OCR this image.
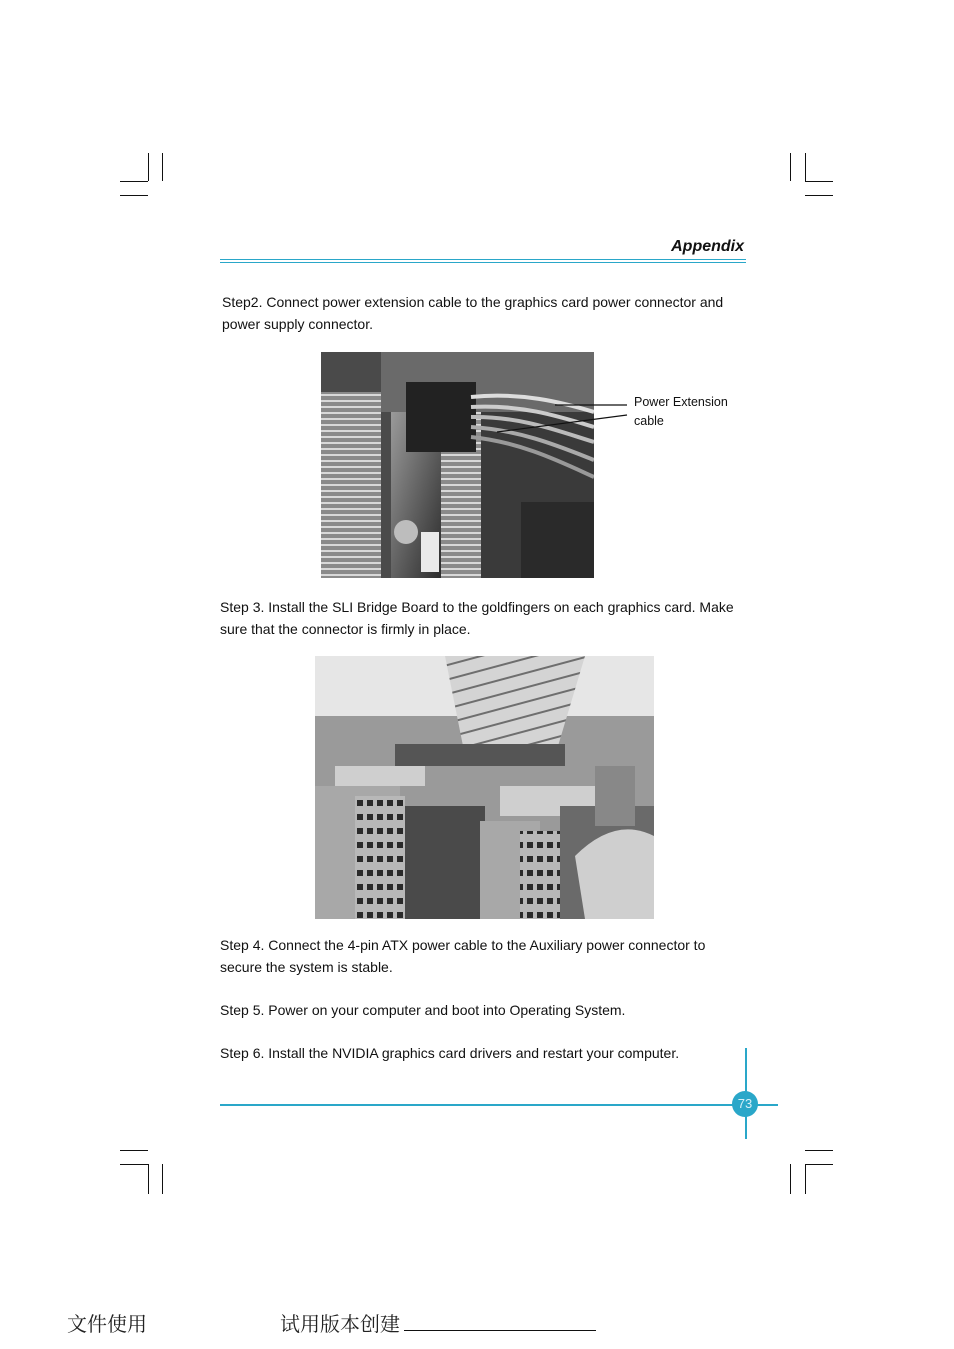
Appendix
Step2. Connect power extension cable to the graphics card power connector and power supply connector.
Power Extension
cable
Step 3. Install the SLI Bridge Board to the goldfingers on each graphics card. Make sure that the connector is firmly in place.
Step 4. Connect the 4-pin ATX power cable to the Auxiliary power connector to secure the system is stable.
Step 5. Power on your computer and boot into Operating System.
Step 6. Install the NVIDIA graphics card drivers and restart your computer.
73
文件使用	试用版本创建
